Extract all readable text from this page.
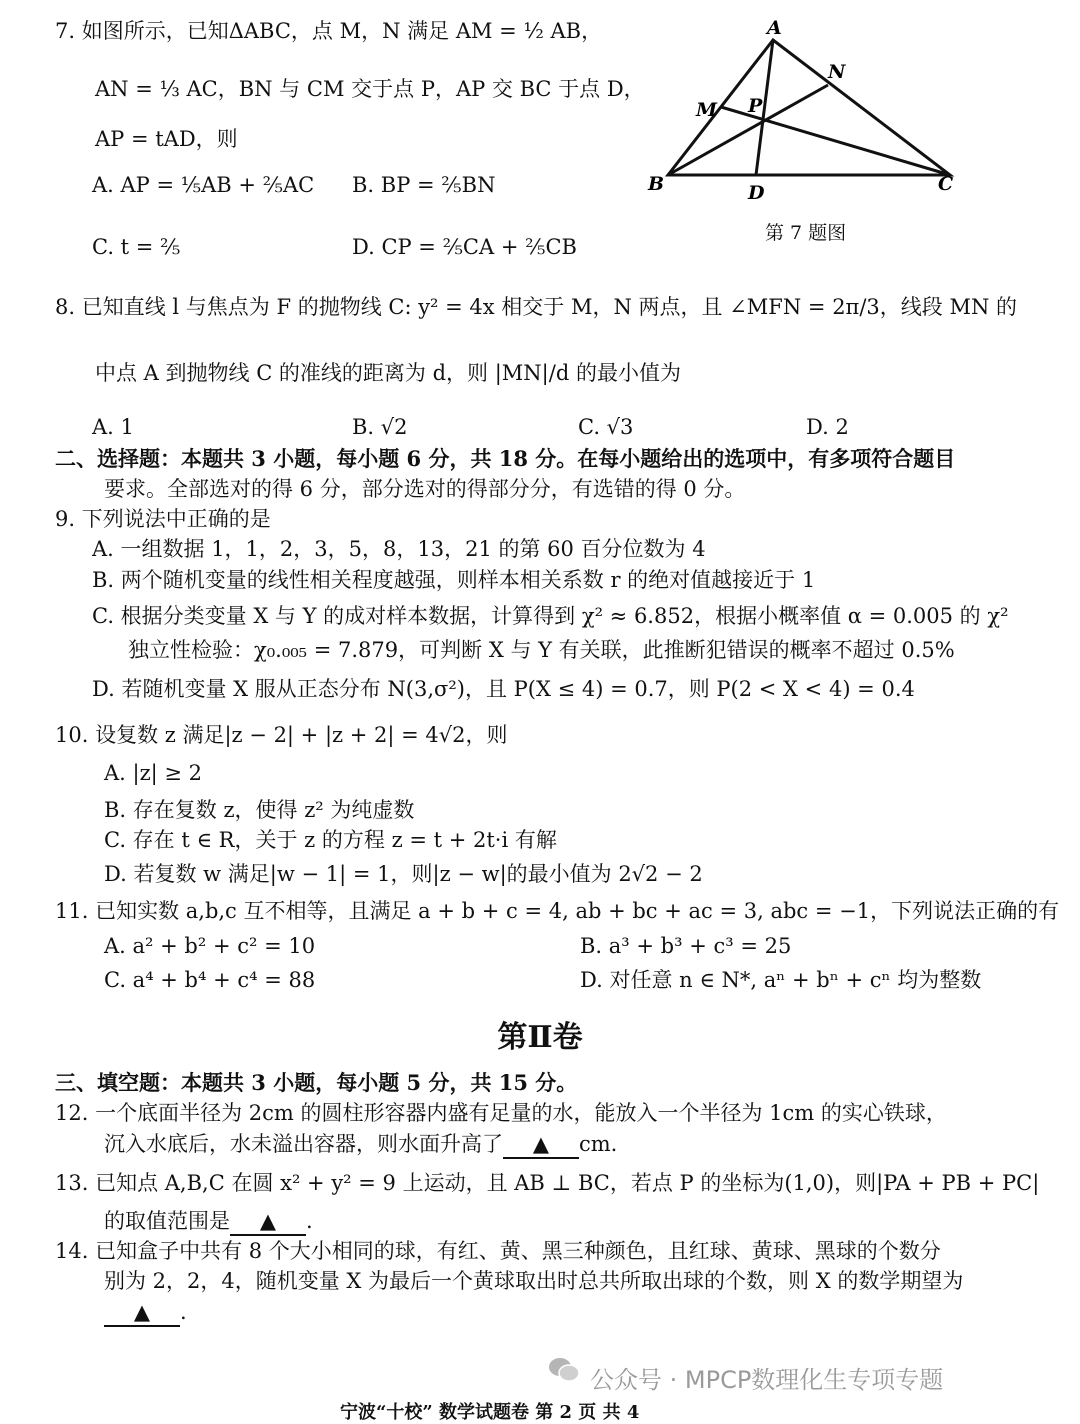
7. 如图所示，已知ΔABC，点 M，N 满足 AM = ½ AB，
AN = ⅓ AC，BN 与 CM 交于点 P，AP 交 BC 于点 D，
AP = tAD，则
A. AP = ⅕AB + ⅖AC B. BP = ⅖BN
C. t = ⅖	D. CP = ⅖CA + ⅖CB
A
B	C
D
M
N
P
第 7 题图
8. 已知直线 l 与焦点为 F 的抛物线 C: y² = 4x 相交于 M，N 两点，且 ∠MFN = 2π/3，线段 MN 的
中点 A 到抛物线 C 的准线的距离为 d，则 |MN|/d 的最小值为
A. 1	B. √2	C. √3	D. 2
二、选择题：本题共 3 小题，每小题 6 分，共 18 分。在每小题给出的选项中，有多项符合题目
要求。全部选对的得 6 分，部分选对的得部分分，有选错的得 0 分。
9. 下列说法中正确的是
A. 一组数据 1，1，2，3，5，8，13，21 的第 60 百分位数为 4
B. 两个随机变量的线性相关程度越强，则样本相关系数 r 的绝对值越接近于 1
C. 根据分类变量 X 与 Y 的成对样本数据，计算得到 χ² ≈ 6.852，根据小概率值 α = 0.005 的 χ²
独立性检验：χ₀.₀₀₅ = 7.879，可判断 X 与 Y 有关联，此推断犯错误的概率不超过 0.5%
D. 若随机变量 X 服从正态分布 N(3,σ²)，且 P(X ≤ 4) = 0.7，则 P(2 < X < 4) = 0.4
10. 设复数 z 满足|z − 2| + |z + 2| = 4√2，则
A. |z| ≥ 2
B. 存在复数 z，使得 z² 为纯虚数
C. 存在 t ∈ R，关于 z 的方程 z = t + 2t·i 有解
D. 若复数 w 满足|w − 1| = 1，则|z − w|的最小值为 2√2 − 2
11. 已知实数 a,b,c 互不相等，且满足 a + b + c = 4, ab + bc + ac = 3, abc = −1，下列说法正确的有
A. a² + b² + c² = 10	B. a³ + b³ + c³ = 25
C. a⁴ + b⁴ + c⁴ = 88	D. 对任意 n ∈ N*, aⁿ + bⁿ + cⁿ 均为整数
第Ⅱ卷
三、填空题：本题共 3 小题，每小题 5 分，共 15 分。
12. 一个底面半径为 2cm 的圆柱形容器内盛有足量的水，能放入一个半径为 1cm 的实心铁球，
沉入水底后，水未溢出容器，则水面升高了 ▲ cm.
13. 已知点 A,B,C 在圆 x² + y² = 9 上运动，且 AB ⊥ BC，若点 P 的坐标为(1,0)，则|PA + PB + PC|
的取值范围是 ▲ .
14. 已知盒子中共有 8 个大小相同的球，有红、黄、黑三种颜色，且红球、黄球、黑球的个数分
别为 2，2，4，随机变量 X 为最后一个黄球取出时总共所取出球的个数，则 X 的数学期望为
▲ .
公众号 · MPCP数理化生专项专题
宁波“十校” 数学试题卷 第 2 页 共 4
